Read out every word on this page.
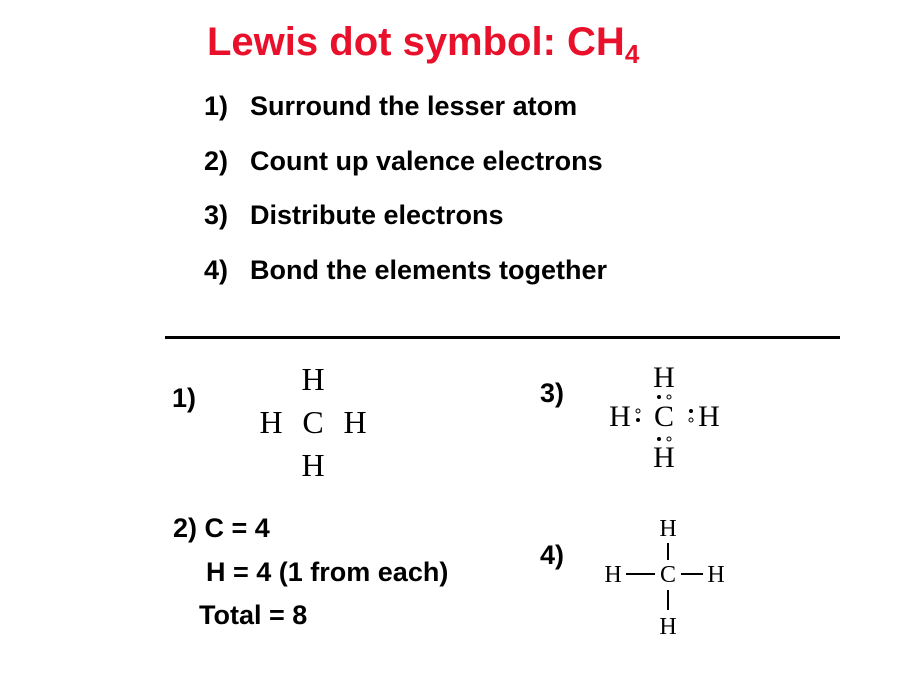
Lewis dot symbol: $CH_4$
1) Surround the lesser atom
2) Count up valence electrons
3) Distribute electrons
4) Bond the elements together
1)
H
H C H
H
2) C = 4
H = 4 (1 from each)
Total = 8
3)	H
H C H
H
4)
H
H C H
H
